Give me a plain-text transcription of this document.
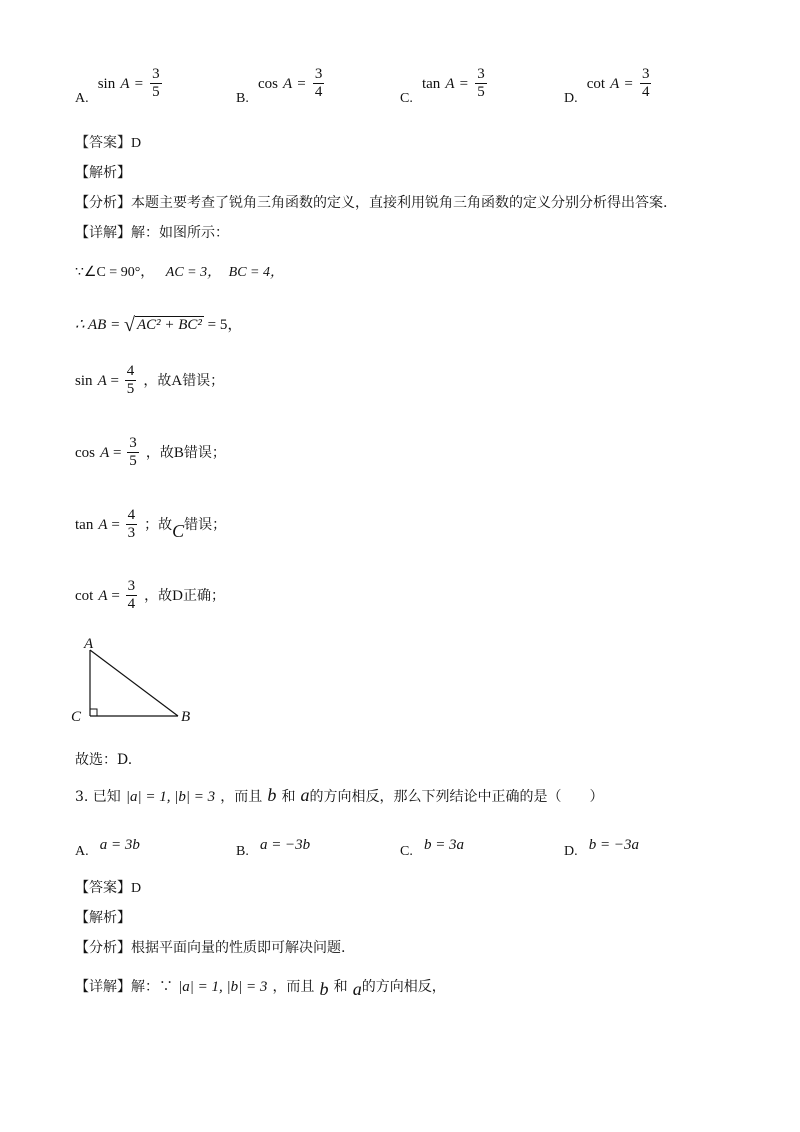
A. $\sin A = \frac{3}{5}$	B. $\cos A = \frac{3}{4}$	C. $\tan A = \frac{3}{5}$	D. $\cot A = \frac{3}{4}$
【答案】D
【解析】
【分析】本题主要考查了锐角三角函数的定义，直接利用锐角三角函数的定义分别分析得出答案.
【详解】解：如图所示：
∵∠C = 90°， AC = 3， BC = 4，
∴ AB = √ AC² + BC² = 5，
$\sin A = \frac{4}{5}$ ，故A错误；
$\cos A = \frac{3}{5}$ ，故B错误；
$\tan A = \frac{4}{3}$ ；故C错误；
$\cot A = \frac{3}{4}$ ，故D正确；
A
C	B
故选：D.
3. 已知 |a| = 1, |b| = 3 ，而且 b 和 a的方向相反，那么下列结论中正确的是（　　）
A. a = 3b	B. a = −3b	C. b = 3a	D. b = −3a
【答案】D
【解析】
【分析】根据平面向量的性质即可解决问题.
【详解】解：∵ |a| = 1, |b| = 3 ，而且 b 和 a的方向相反，
